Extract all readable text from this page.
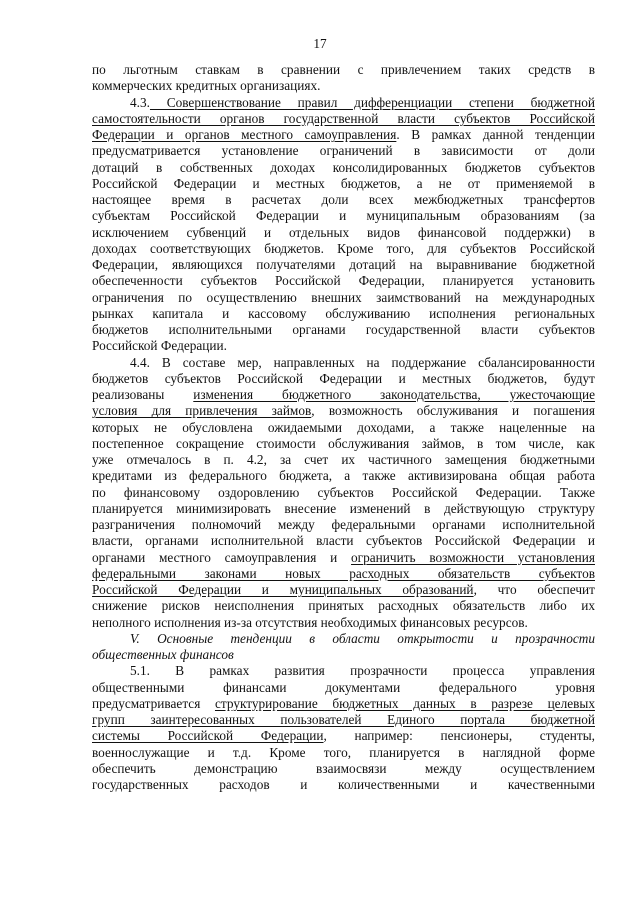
17
по льготным ставкам в сравнении с привлечением таких средств в
коммерческих кредитных организациях.
4.3. Совершенствование правил дифференциации степени бюджетной
самостоятельности органов государственной власти субъектов Российской
Федерации и органов местного самоуправления. В рамках данной тенденции
предусматривается установление ограничений в зависимости от доли
дотаций в собственных доходах консолидированных бюджетов субъектов
Российской Федерации и местных бюджетов, а не от применяемой в
настоящее время в расчетах доли всех межбюджетных трансфертов
субъектам Российской Федерации и муниципальным образованиям (за
исключением субвенций и отдельных видов финансовой поддержки) в
доходах соответствующих бюджетов. Кроме того, для субъектов Российской
Федерации, являющихся получателями дотаций на выравнивание бюджетной
обеспеченности субъектов Российской Федерации, планируется установить
ограничения по осуществлению внешних заимствований на международных
рынках капитала и кассовому обслуживанию исполнения региональных
бюджетов исполнительными органами государственной власти субъектов
Российской Федерации.
4.4. В составе мер, направленных на поддержание сбалансированности
бюджетов субъектов Российской Федерации и местных бюджетов, будут
реализованы изменения бюджетного законодательства, ужесточающие
условия для привлечения займов, возможность обслуживания и погашения
которых не обусловлена ожидаемыми доходами, а также нацеленные на
постепенное сокращение стоимости обслуживания займов, в том числе, как
уже отмечалось в п. 4.2, за счет их частичного замещения бюджетными
кредитами из федерального бюджета, а также активизирована общая работа
по финансовому оздоровлению субъектов Российской Федерации. Также
планируется минимизировать внесение изменений в действующую структуру
разграничения полномочий между федеральными органами исполнительной
власти, органами исполнительной власти субъектов Российской Федерации и
органами местного самоуправления и ограничить возможности установления
федеральными законами новых расходных обязательств субъектов
Российской Федерации и муниципальных образований, что обеспечит
снижение рисков неисполнения принятых расходных обязательств либо их
неполного исполнения из-за отсутствия необходимых финансовых ресурсов.
V. Основные тенденции в области открытости и прозрачности
общественных финансов
5.1. В рамках развития прозрачности процесса управления
общественными финансами документами федерального уровня
предусматривается структурирование бюджетных данных в разрезе целевых
групп заинтересованных пользователей Единого портала бюджетной
системы Российской Федерации, например: пенсионеры, студенты,
военнослужащие и т.д. Кроме того, планируется в наглядной форме
обеспечить демонстрацию взаимосвязи между осуществлением
государственных расходов и количественными и качественными
